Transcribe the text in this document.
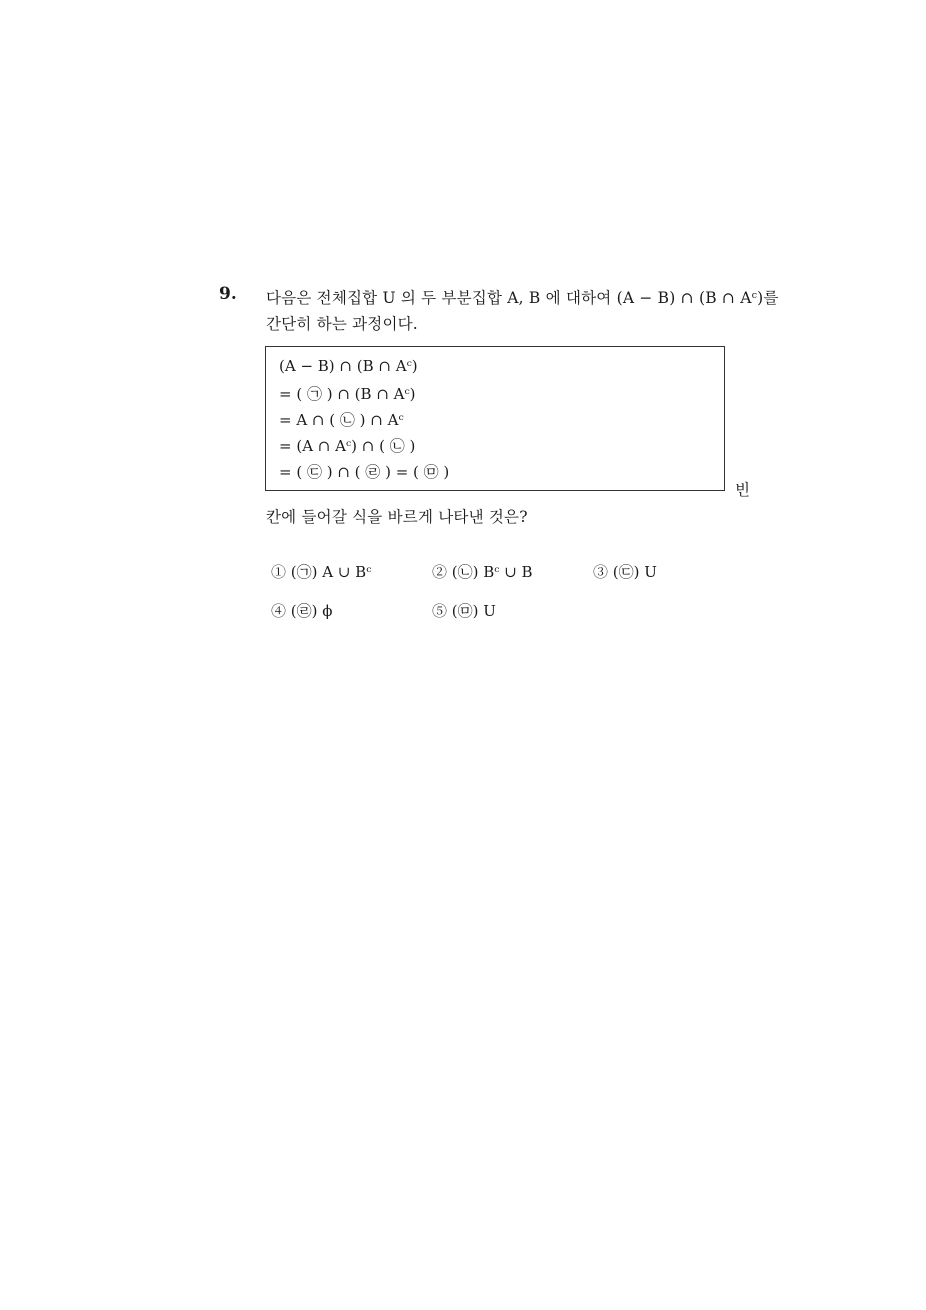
9. 다음은 전체집합 U 의 두 부분집합 A, B 에 대하여 (A − B) ∩ (B ∩ Aᶜ)를
간단히 하는 과정이다.
(A − B) ∩ (B ∩ Aᶜ)
= ( ㉠ ) ∩ (B ∩ Aᶜ)
= A ∩ ( ㉡ ) ∩ Aᶜ
= (A ∩ Aᶜ) ∩ ( ㉡ )
= ( ㉢ ) ∩ ( ㉣ ) = ( ㉤ )
빈
칸에 들어갈 식을 바르게 나타낸 것은?
① (㉠) A ∪ Bᶜ	② (㉡) Bᶜ ∪ B	③ (㉢) U
④ (㉣) ϕ	⑤ (㉤) U
